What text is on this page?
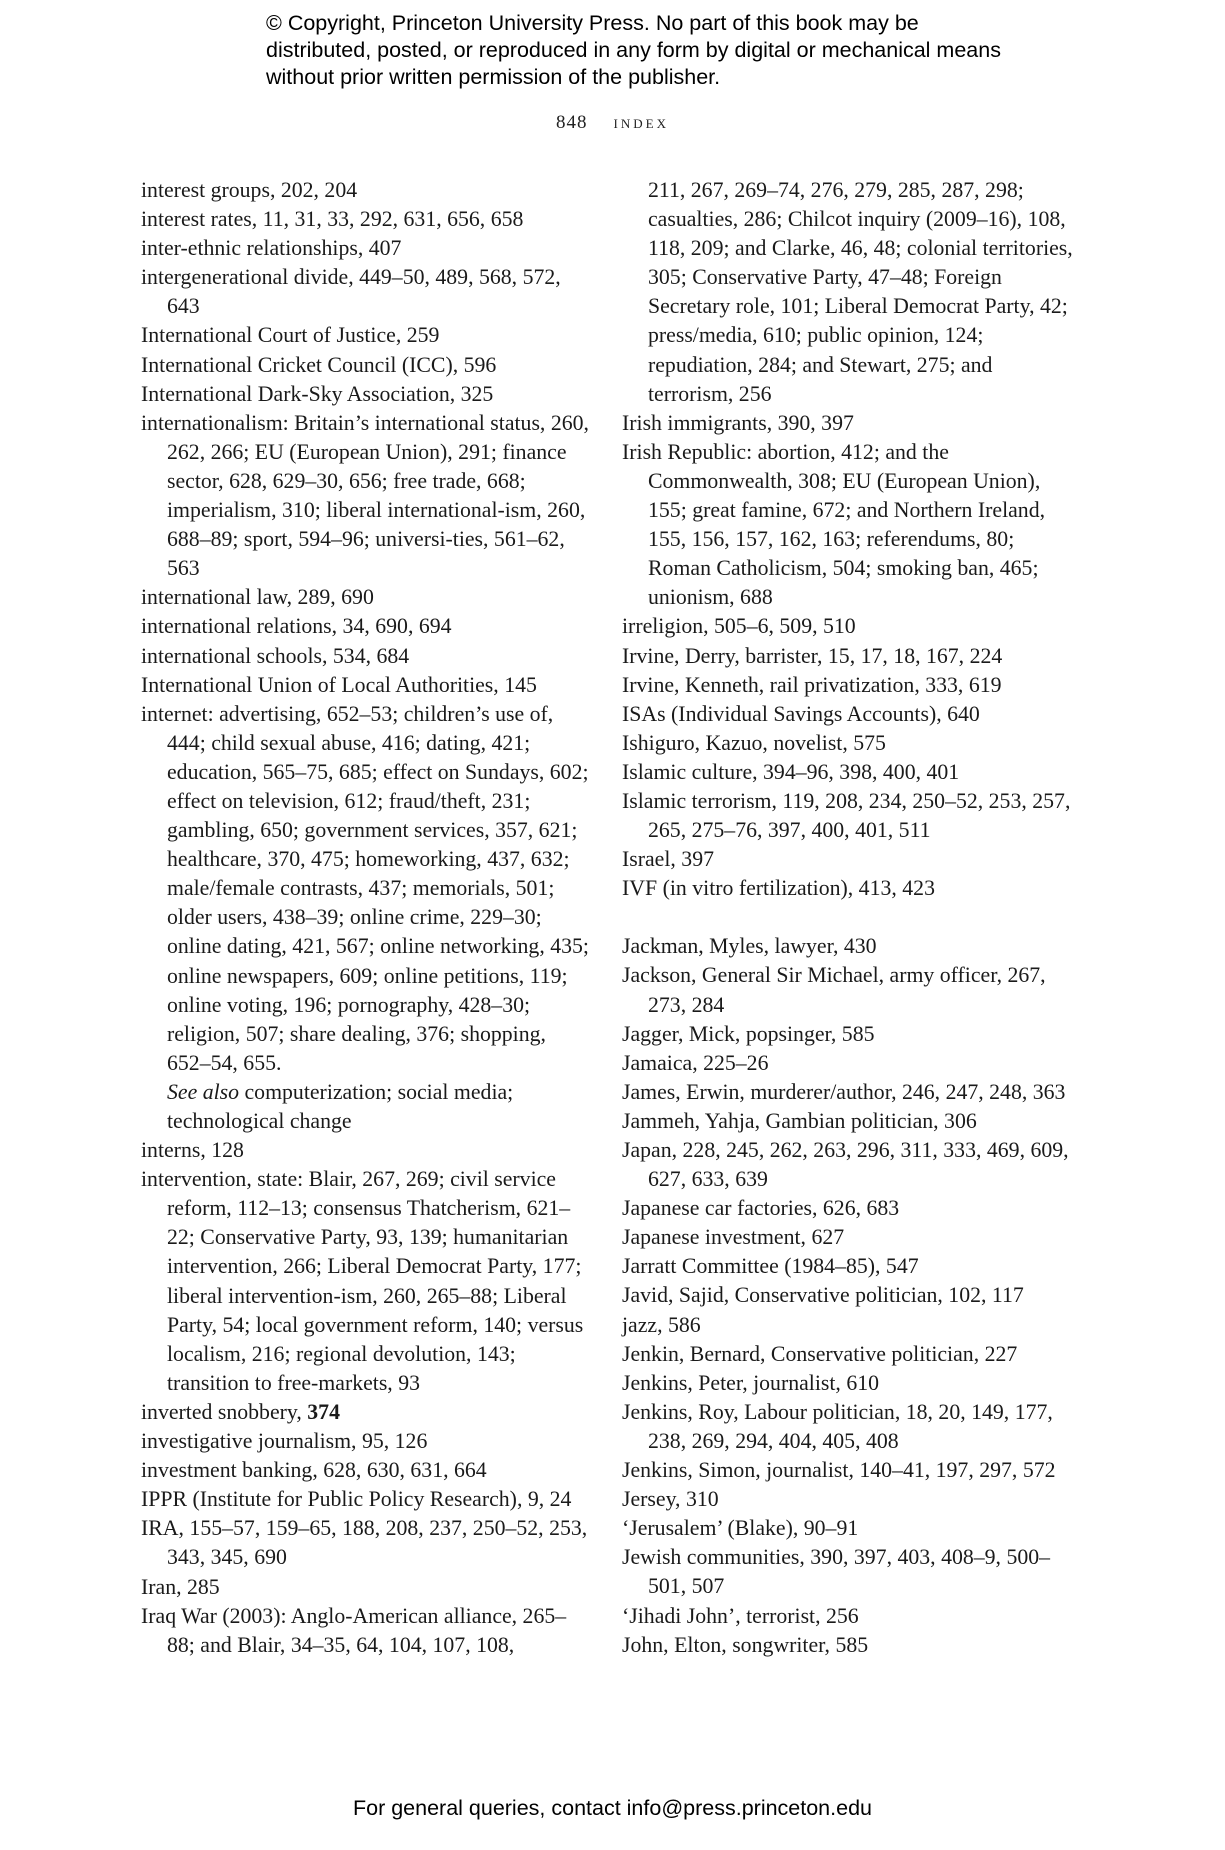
© Copyright, Princeton University Press. No part of this book may be distributed, posted, or reproduced in any form by digital or mechanical means without prior written permission of the publisher.
848 index

interest groups, 202, 204

interest rates, 11, 31, 33, 292, 631, 656, 658

inter-ethnic relationships, 407

intergenerational divide, 449–50, 489, 568, 572, 643

International Court of Justice, 259

International Cricket Council (ICC), 596

International Dark-Sky Association, 325

internationalism: Britain’s international status, 260, 262, 266; EU (European Union), 291; finance sector, 628, 629–30, 656; free trade, 668; imperialism, 310; liberal international-ism, 260, 688–89; sport, 594–96; universi-ties, 561–62, 563

international law, 289, 690

international relations, 34, 690, 694

international schools, 534, 684

International Union of Local Authorities, 145

internet: advertising, 652–53; children’s use of, 444; child sexual abuse, 416; dating, 421; education, 565–75, 685; effect on Sundays, 602; effect on television, 612; fraud/theft, 231; gambling, 650; government services, 357, 621; healthcare, 370, 475; homeworking, 437, 632; male/female contrasts, 437; memorials, 501; older users, 438–39; online crime, 229–30; online dating, 421, 567; online networking, 435; online newspapers, 609; online petitions, 119; online voting, 196; pornography, 428–30; religion, 507; share dealing, 376; shopping, 652–54, 655.

See also computerization; social media; technological change

interns, 128

intervention, state: Blair, 267, 269; civil service reform, 112–13; consensus Thatcherism, 621–22; Conservative Party, 93, 139; humanitarian intervention, 266; Liberal Democrat Party, 177; liberal intervention-ism, 260, 265–88; Liberal Party, 54; local government reform, 140; versus localism, 216; regional devolution, 143; transition to free-markets, 93

inverted snobbery, 374

investigative journalism, 95, 126

investment banking, 628, 630, 631, 664

IPPR (Institute for Public Policy Research), 9, 24

IRA, 155–57, 159–65, 188, 208, 237, 250–52, 253, 343, 345, 690

Iran, 285

Iraq War (2003): Anglo-American alliance, 265–88; and Blair, 34–35, 64, 104, 107, 108,

211, 267, 269–74, 276, 279, 285, 287, 298; casualties, 286; Chilcot inquiry (2009–16), 108, 118, 209; and Clarke, 46, 48; colonial territories, 305; Conservative Party, 47–48; Foreign Secretary role, 101; Liberal Democrat Party, 42; press/media, 610; public opinion, 124; repudiation, 284; and Stewart, 275; and terrorism, 256

Irish immigrants, 390, 397

Irish Republic: abortion, 412; and the Commonwealth, 308; EU (European Union), 155; great famine, 672; and Northern Ireland, 155, 156, 157, 162, 163; referendums, 80; Roman Catholicism, 504; smoking ban, 465; unionism, 688

irreligion, 505–6, 509, 510

Irvine, Derry, barrister, 15, 17, 18, 167, 224

Irvine, Kenneth, rail privatization, 333, 619

ISAs (Individual Savings Accounts), 640

Ishiguro, Kazuo, novelist, 575

Islamic culture, 394–96, 398, 400, 401

Islamic terrorism, 119, 208, 234, 250–52, 253, 257, 265, 275–76, 397, 400, 401, 511

Israel, 397

IVF (in vitro fertilization), 413, 423

Jackman, Myles, lawyer, 430

Jackson, General Sir Michael, army officer, 267, 273, 284

Jagger, Mick, popsinger, 585

Jamaica, 225–26

James, Erwin, murderer/author, 246, 247, 248, 363

Jammeh, Yahja, Gambian politician, 306

Japan, 228, 245, 262, 263, 296, 311, 333, 469, 609, 627, 633, 639

Japanese car factories, 626, 683

Japanese investment, 627

Jarratt Committee (1984–85), 547

Javid, Sajid, Conservative politician, 102, 117

jazz, 586

Jenkin, Bernard, Conservative politician, 227

Jenkins, Peter, journalist, 610

Jenkins, Roy, Labour politician, 18, 20, 149, 177, 238, 269, 294, 404, 405, 408

Jenkins, Simon, journalist, 140–41, 197, 297, 572

Jersey, 310

‘Jerusalem’ (Blake), 90–91

Jewish communities, 390, 397, 403, 408–9, 500–501, 507

‘Jihadi John’, terrorist, 256

John, Elton, songwriter, 585

For general queries, contact info@press.princeton.edu
